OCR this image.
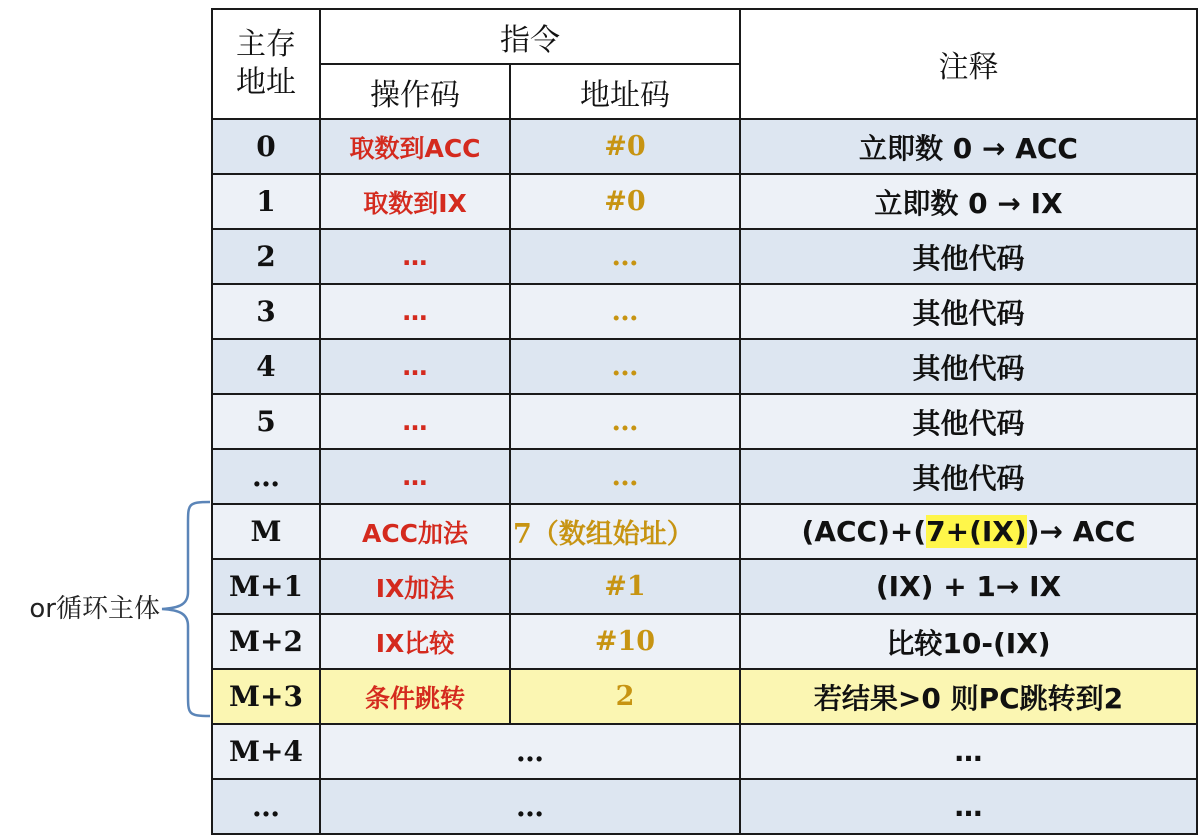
or循环主体
主存
地址	指令		注释
	操作码	地址码	
0	取数到ACC	#0	立即数 0 → ACC
1	取数到IX	#0	立即数 0 → IX
2	…	…	其他代码
3	…	…	其他代码
4	…	…	其他代码
5	…	…	其他代码
…	…	…	其他代码
M	ACC加法	7（数组始址）	(ACC)+(7+(IX))→ ACC
M+1	IX加法	#1	(IX) + 1→ IX
M+2	IX比较	#10	比较10-(IX)
M+3	条件跳转	2	若结果>0 则PC跳转到2
M+4	…		…
…	…		…
